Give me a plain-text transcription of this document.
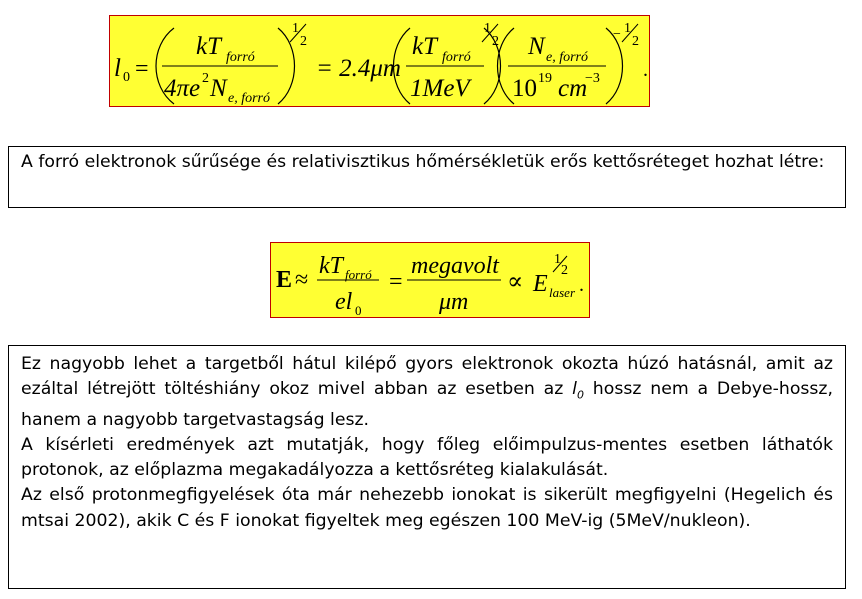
l 0 =
kT forró
4πe 2 N e, forró
1
2
= 2.4μm
kT forró
1MeV
1
2 N e, forró
10 19 cm
−3
− 1
2
.

A forró elektronok sűrűsége és relativisztikus hőmérsékletük erős kettősréteget hozhat létre:

E ≈
kT forró
el 0
=
megavolt
μm
∝ E laser
1
2
.

Ez nagyobb lehet a targetből hátul kilépő gyors elektronok okozta húzó hatásnál, amit az ezáltal létrejött töltéshiány okoz mivel abban az esetben az $l_0$ hossz nem a Debye-hossz, hanem a nagyobb targetvastagság lesz.

A kísérleti eredmények azt mutatják, hogy főleg előimpulzus-mentes esetben láthatók protonok, az előplazma megakadályozza a kettősréteg kialakulását.

Az első protonmegfigyelések óta már nehezebb ionokat is sikerült megfigyelni (Hegelich és mtsai 2002), akik C és F ionokat figyeltek meg egészen 100 MeV-ig (5MeV/nukleon).
